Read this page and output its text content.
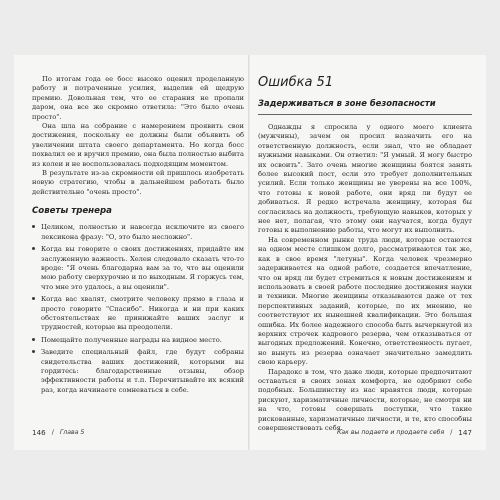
По итогам года ее босс высоко оценил проделанную работу и потраченные усилия, выделив ей щедрую премию. Довольная тем, что ее старания не пропали даром, она все же скромно ответила: "Это было очень просто".

Она шла на собрание с намерением проявить свои достижения, поскольку ее должны были объявить об увеличении штата своего департамента. Но когда босс похвалил ее и вручил премию, она была полностью выбита из колеи и не воспользовалась подходящим моментом.

В результате из-за скромности ей пришлось изобретать новую стратегию, чтобы в дальнейшем работать было действительно "очень просто".

Советы тренера

Целиком, полностью и навсегда исключите из своего лексикона фразу: "О, это было несложно".

Когда вы говорите о своих достижениях, придайте им заслуженную важность. Хелен следовало сказать что-то вроде: "Я очень благодарна вам за то, что вы оценили мою работу сверхурочно и по выходным. Я горжусь тем, что мне это удалось, а вы оценили".

Когда вас хвалят, смотрите человеку прямо в глаза и просто говорите "Спасибо". Никогда и ни при каких обстоятельствах не принижайте ваших заслуг и трудностей, которые вы преодолели.

Помещайте полученные награды на видное место.

Заведите специальный файл, где будут собраны свидетельства ваших достижений, которыми вы гордитесь: благодарственные отзывы, обзор эффективности работы и т.п. Перечитывайте их всякий раз, когда начинаете сомневаться в себе.

146 / Глава 5
Ошибка 51
Задерживаться в зоне безопасности

Однажды я спросила у одного моего клиента (мужчины), зачем он просил назначить его на ответственную должность, если знал, что не обладает нужными навыками. Он ответил: "Я умный. Я могу быстро их освоить". Зато очень многие женщины боятся занять более высокий пост, если это требует дополнительных усилий. Если только женщины не уверены на все 100%, что готовы к новой работе, они вряд ли будут ее добиваться. Я редко встречала женщину, которая бы согласилась на должность, требующую навыков, которых у нее нет, полагая, что этому они научатся, когда будут готовы к выполнению работы, что могут их выполнить.

На современном рынке труда люди, которые остаются на одном месте слишком долго, рассматриваются так же, как в свое время "летуны". Когда человек чрезмерно задерживается на одной работе, создается впечатление, что он вряд ли будет стремиться к новым достижениям и использовать в своей работе последние достижения науки и техники. Многие женщины отказываются даже от тех перспективных заданий, которые, по их мнению, не соответствуют их нынешней квалификации. Это большая ошибка. Их более надежного способа быть вычеркнутой из верхних строчек кадрового резерва, чем отказываться от выгодных предложений. Конечно, ответственность пугает, но вынуть из резерва означает значительно замедлить свою карьеру.

Парадокс в том, что даже люди, которые предпочитают оставаться в своих зонах комфорта, не одобряют себе подобных. Большинству из нас нравятся люди, которые рискуют, харизматичные личности, которые, не смотря ни на что, готовы совершать поступки, что такие рискованные, харизматичные личности, и те, кто способны совершенствовать себя.

Как вы подаете и продаете себя / 147
